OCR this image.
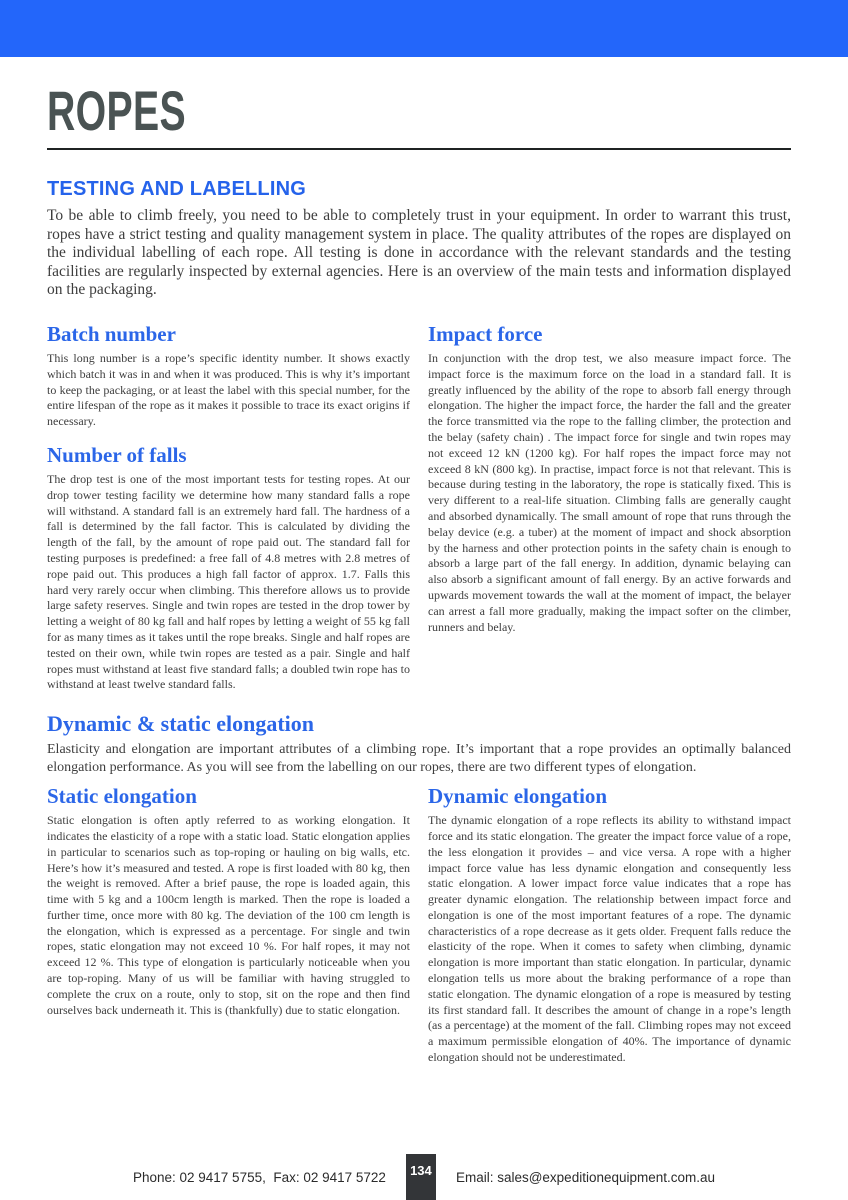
ROPES
TESTING AND LABELLING

To be able to climb freely, you need to be able to completely trust in your equipment. In order to warrant this trust, ropes have a strict testing and quality management system in place. The quality attributes of the ropes are displayed on the individual labelling of each rope. All testing is done in accordance with the relevant standards and the testing facilities are regularly inspected by external agencies. Here is an overview of the main tests and information displayed on the packaging.

Batch number

This long number is a rope’s specific identity number. It shows exactly which batch it was in and when it was produced. This is why it’s important to keep the packaging, or at least the label with this special number, for the entire lifespan of the rope as it makes it possible to trace its exact origins if necessary.

Number of falls

The drop test is one of the most important tests for testing ropes. At our drop tower testing facility we determine how many standard falls a rope will withstand. A standard fall is an extremely hard fall. The hardness of a fall is determined by the fall factor. This is calculated by dividing the length of the fall, by the amount of rope paid out. The standard fall for testing purposes is predefined: a free fall of 4.8 metres with 2.8 metres of rope paid out. This produces a high fall factor of approx. 1.7. Falls this hard very rarely occur when climbing. This therefore allows us to provide large safety reserves. Single and twin ropes are tested in the drop tower by letting a weight of 80 kg fall and half ropes by letting a weight of 55 kg fall for as many times as it takes until the rope breaks. Single and half ropes are tested on their own, while twin ropes are tested as a pair. Single and half ropes must withstand at least five standard falls; a doubled twin rope has to withstand at least twelve standard falls.

Impact force

In conjunction with the drop test, we also measure impact force. The impact force is the maximum force on the load in a standard fall. It is greatly influenced by the ability of the rope to absorb fall energy through elongation. The higher the impact force, the harder the fall and the greater the force transmitted via the rope to the falling climber, the protection and the belay (safety chain) . The impact force for single and twin ropes may not exceed 12 kN (1200 kg). For half ropes the impact force may not exceed 8 kN (800 kg). In practise, impact force is not that relevant. This is because during testing in the laboratory, the rope is statically fixed. This is very different to a real-life situation. Climbing falls are generally caught and absorbed dynamically. The small amount of rope that runs through the belay device (e.g. a tuber) at the moment of impact and shock absorption by the harness and other protection points in the safety chain is enough to absorb a large part of the fall energy. In addition, dynamic belaying can also absorb a significant amount of fall energy. By an active forwards and upwards movement towards the wall at the moment of impact, the belayer can arrest a fall more gradually, making the impact softer on the climber, runners and belay.

Dynamic & static elongation

Elasticity and elongation are important attributes of a climbing rope. It’s important that a rope provides an optimally balanced elongation performance. As you will see from the labelling on our ropes, there are two different types of elongation.

Static elongation

Static elongation is often aptly referred to as working elongation. It indicates the elasticity of a rope with a static load. Static elongation applies in particular to scenarios such as top-roping or hauling on big walls, etc. Here’s how it’s measured and tested. A rope is first loaded with 80 kg, then the weight is removed. After a brief pause, the rope is loaded again, this time with 5 kg and a 100cm length is marked. Then the rope is loaded a further time, once more with 80 kg. The deviation of the 100 cm length is the elongation, which is expressed as a percentage. For single and twin ropes, static elongation may not exceed 10 %. For half ropes, it may not exceed 12 %. This type of elongation is particularly noticeable when you are top-roping. Many of us will be familiar with having struggled to complete the crux on a route, only to stop, sit on the rope and then find ourselves back underneath it. This is (thankfully) due to static elongation.

Dynamic elongation

The dynamic elongation of a rope reflects its ability to withstand impact force and its static elongation. The greater the impact force value of a rope, the less elongation it provides – and vice versa. A rope with a higher impact force value has less dynamic elongation and consequently less static elongation. A lower impact force value indicates that a rope has greater dynamic elongation. The relationship between impact force and elongation is one of the most important features of a rope. The dynamic characteristics of a rope decrease as it gets older. Frequent falls reduce the elasticity of the rope. When it comes to safety when climbing, dynamic elongation is more important than static elongation. In particular, dynamic elongation tells us more about the braking performance of a rope than static elongation. The dynamic elongation of a rope is measured by testing its first standard fall. It describes the amount of change in a rope’s length (as a percentage) at the moment of the fall. Climbing ropes may not exceed a maximum permissible elongation of 40%. The importance of dynamic elongation should not be underestimated.

Phone: 02 9417 5755,  Fax: 02 9417 5722 134 Email: sales@expeditionequipment.com.au
